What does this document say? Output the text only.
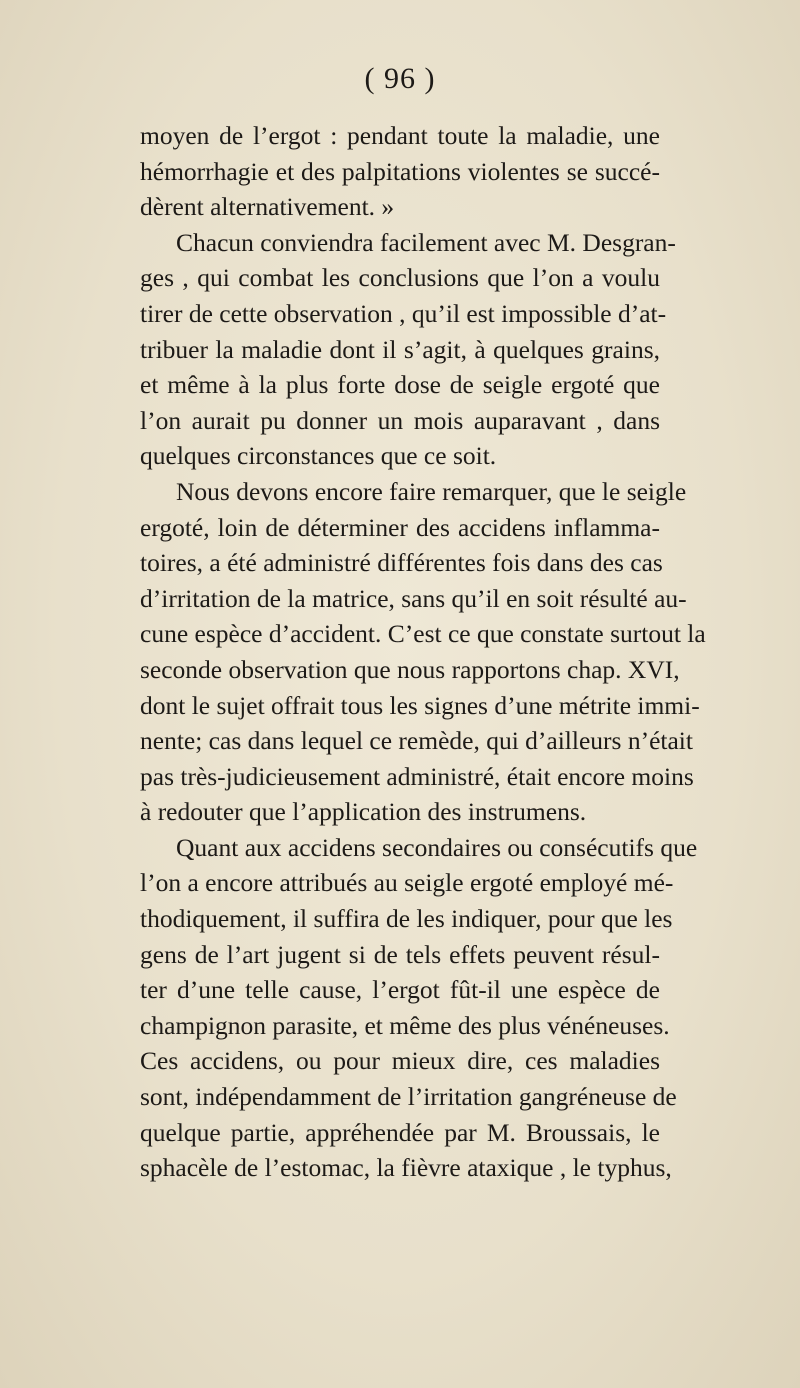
( 96 )
moyen de l’ergot : pendant toute la maladie, une
hémorrhagie et des palpitations violentes se succé-
dèrent alternativement. »
Chacun conviendra facilement avec M. Desgran-
ges , qui combat les conclusions que l’on a voulu
tirer de cette observation , qu’il est impossible d’at-
tribuer la maladie dont il s’agit, à quelques grains,
et même à la plus forte dose de seigle ergoté que
l’on aurait pu donner un mois auparavant , dans
quelques circonstances que ce soit.
Nous devons encore faire remarquer, que le seigle
ergoté, loin de déterminer des accidens inflamma-
toires, a été administré différentes fois dans des cas
d’irritation de la matrice, sans qu’il en soit résulté au-
cune espèce d’accident. C’est ce que constate surtout la
seconde observation que nous rapportons chap. XVI,
dont le sujet offrait tous les signes d’une métrite immi-
nente; cas dans lequel ce remède, qui d’ailleurs n’était
pas très-judicieusement administré, était encore moins
à redouter que l’application des instrumens.
Quant aux accidens secondaires ou consécutifs que
l’on a encore attribués au seigle ergoté employé mé-
thodiquement, il suffira de les indiquer, pour que les
gens de l’art jugent si de tels effets peuvent résul-
ter d’une telle cause, l’ergot fût-il une espèce de
champignon parasite, et même des plus vénéneuses.
Ces accidens, ou pour mieux dire, ces maladies
sont, indépendamment de l’irritation gangréneuse de
quelque partie, appréhendée par M. Broussais, le
sphacèle de l’estomac, la fièvre ataxique , le typhus,
